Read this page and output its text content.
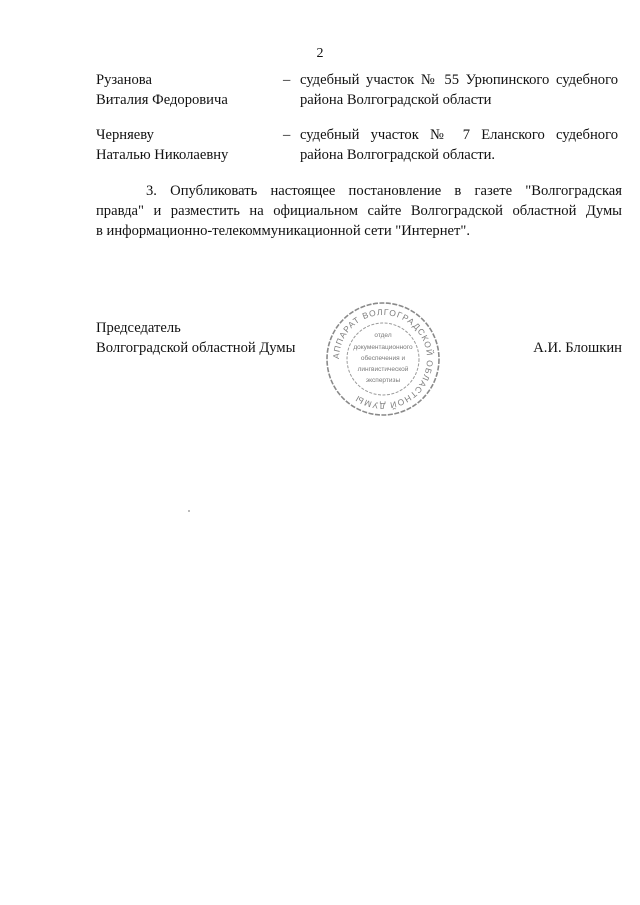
2
Рузанова
Виталия Федоровича
– судебный участок № 55 Урюпинского судебного
района Волгоградской области
Черняеву
Наталью Николаевну
– судебный участок № 7 Еланского судебного
района Волгоградской области.
3. Опубликовать настоящее постановление в газете "Волгоградская
правда" и разместить на официальном сайте Волгоградской областной Думы
в информационно-телекоммуникационной сети "Интернет".
Председатель
Волгоградской областной Думы	А.И. Блошкин
АППАРАТ ВОЛГОГРАДСКОЙ ОБЛАСТНОЙ ДУМЫ
отдел
документационного
обеспечения и
лингвистической
экспертизы
